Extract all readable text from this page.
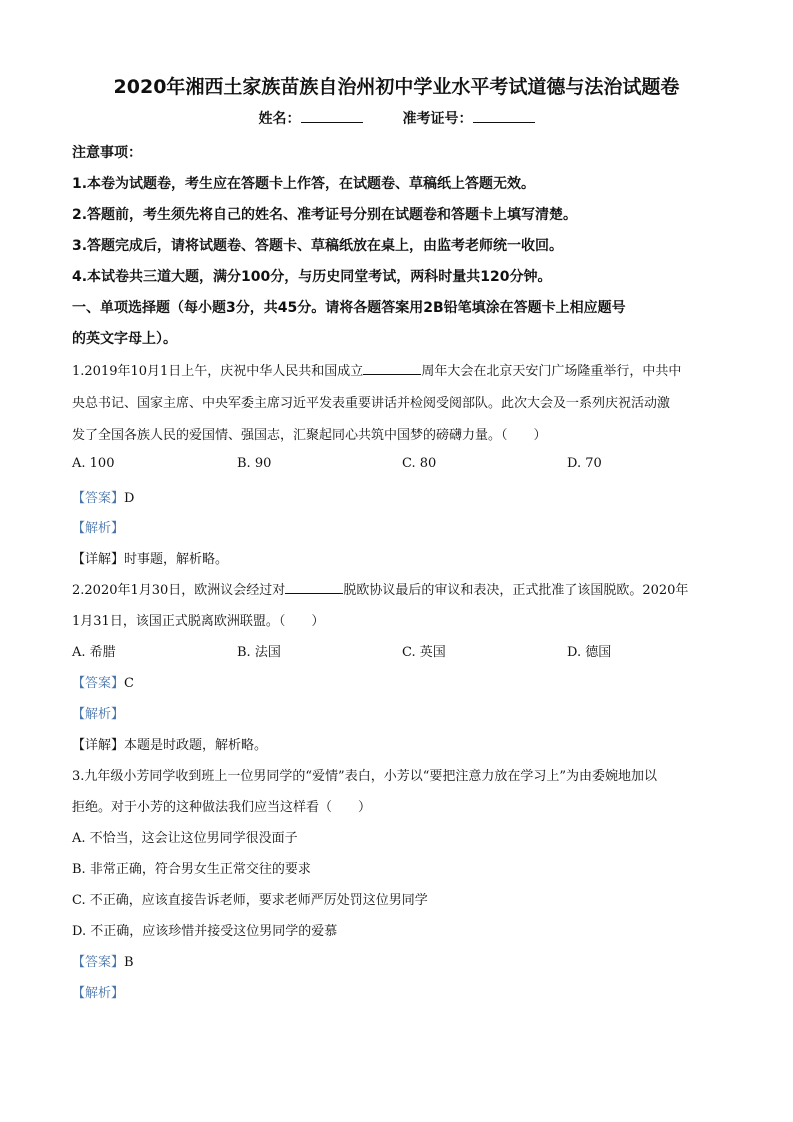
2020年湘西土家族苗族自治州初中学业水平考试道德与法治试题卷
姓名：	准考证号：
注意事项：
1.本卷为试题卷，考生应在答题卡上作答，在试题卷、草稿纸上答题无效。
2.答题前，考生须先将自己的姓名、准考证号分别在试题卷和答题卡上填写清楚。
3.答题完成后，请将试题卷、答题卡、草稿纸放在桌上，由监考老师统一收回。
4.本试卷共三道大题，满分100分，与历史同堂考试，两科时量共120分钟。
一、单项选择题（每小题3分，共45分。请将各题答案用2B铅笔填涂在答题卡上相应题号
的英文字母上）。
1.2019年10月1日上午，庆祝中华人民共和国成立	周年大会在北京天安门广场隆重举行，中共中
央总书记、国家主席、中央军委主席习近平发表重要讲话并检阅受阅部队。此次大会及一系列庆祝活动激
发了全国各族人民的爱国情、强国志，汇聚起同心共筑中国梦的磅礴力量。（　　）
A. 100	B. 90	C. 80	D. 70
【答案】D
【解析】
【详解】时事题，解析略。
2.2020年1月30日，欧洲议会经过对	脱欧协议最后的审议和表决，正式批准了该国脱欧。2020年
1月31日，该国正式脱离欧洲联盟。（　　）
A. 希腊	B. 法国	C. 英国	D. 德国
【答案】C
【解析】
【详解】本题是时政题，解析略。
3.九年级小芳同学收到班上一位男同学的“爱情”表白，小芳以“要把注意力放在学习上”为由委婉地加以
拒绝。对于小芳的这种做法我们应当这样看（　　）
A. 不恰当，这会让这位男同学很没面子
B. 非常正确，符合男女生正常交往的要求
C. 不正确，应该直接告诉老师，要求老师严厉处罚这位男同学
D. 不正确，应该珍惜并接受这位男同学的爱慕
【答案】B
【解析】
